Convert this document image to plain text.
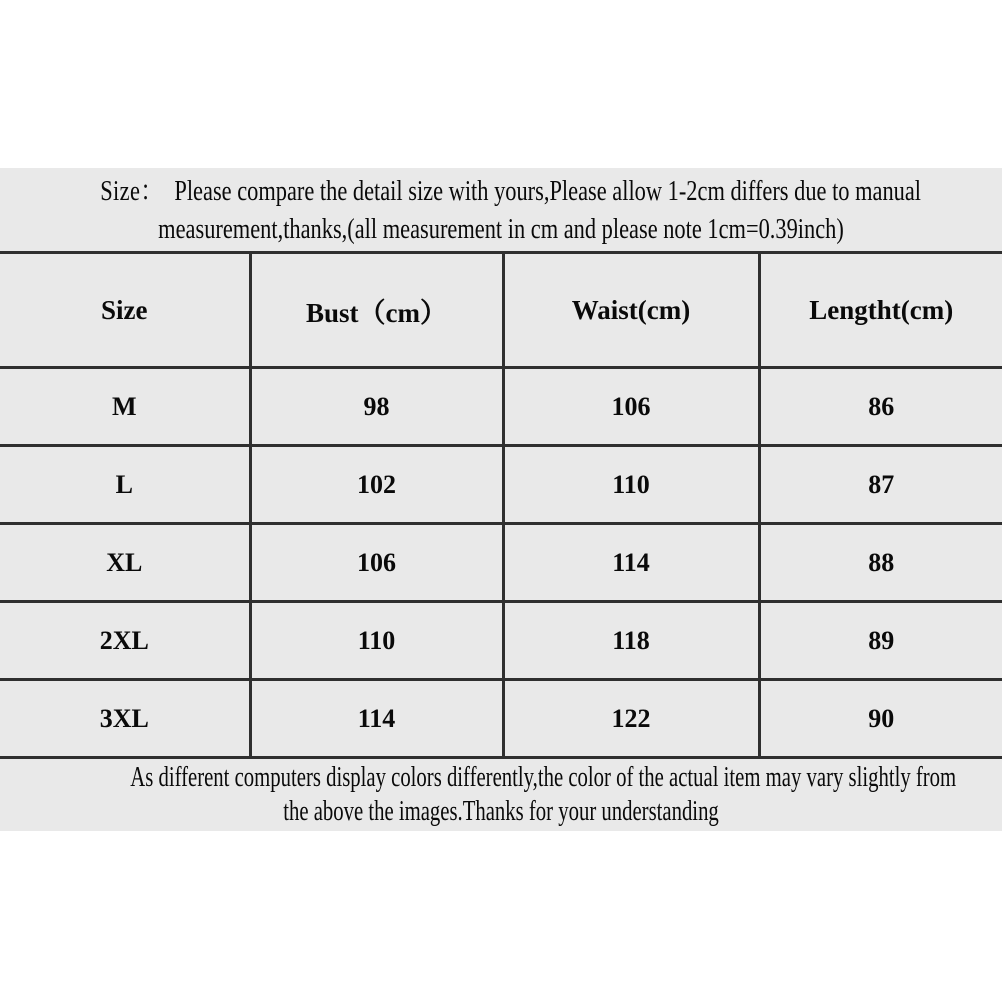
Size： Please compare the detail size with yours,Please allow 1-2cm differs due to manual
measurement,thanks,(all measurement in cm and please note 1cm=0.39inch)
Size	Bust（cm）	Waist(cm)	Lengtht(cm)
M	98	106	86
L	102	110	87
XL	106	114	88
2XL	110	118	89
3XL	114	122	90
As different computers display colors differently,the color of the actual item may vary slightly from
the above the images.Thanks for your understanding
